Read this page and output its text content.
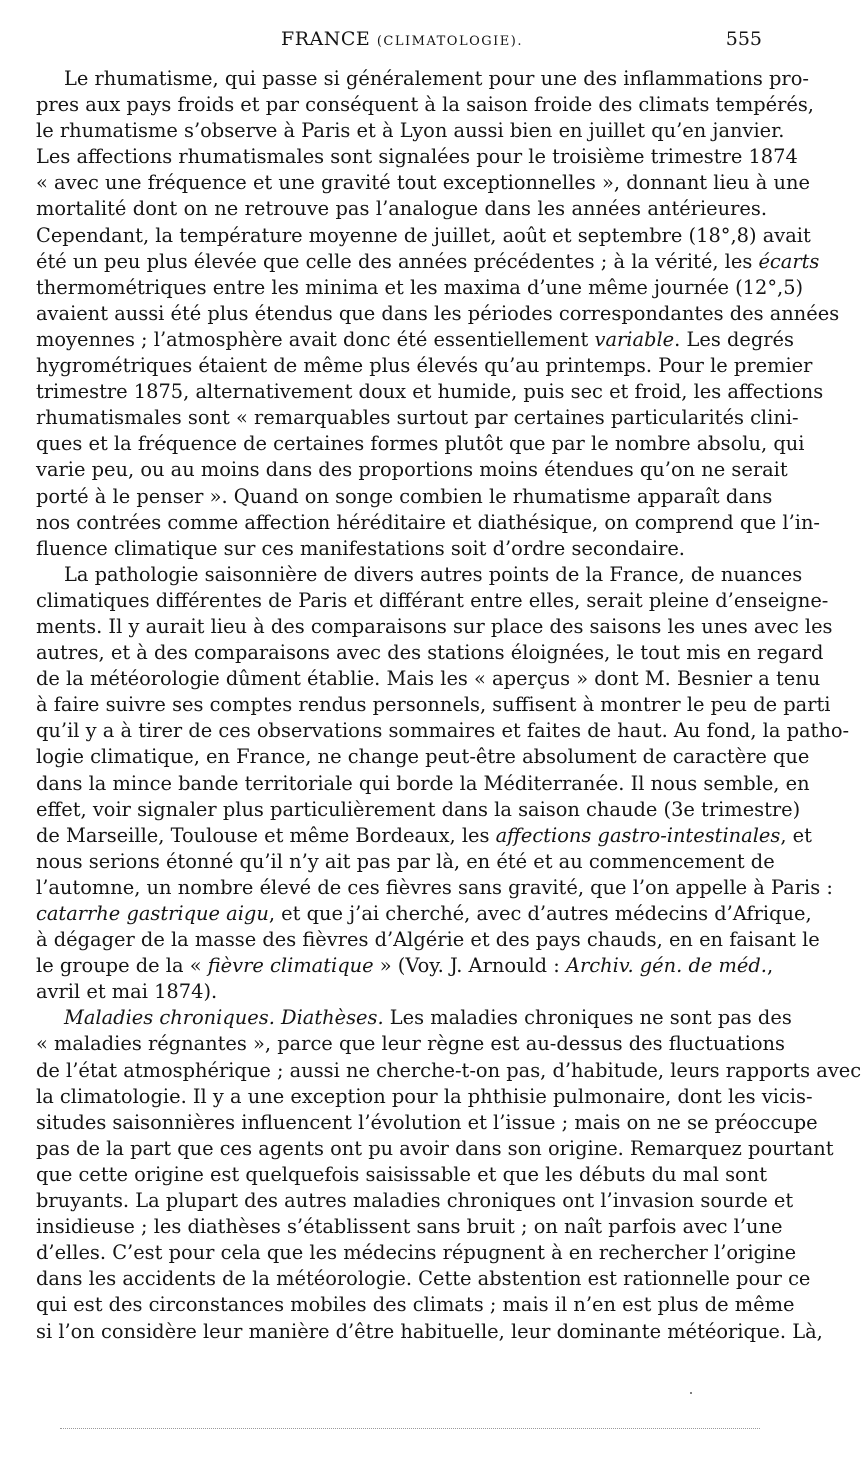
FRANCE (CLIMATOLOGIE).	555
Le rhumatisme, qui passe si généralement pour une des inflammations pro-
pres aux pays froids et par conséquent à la saison froide des climats tempérés,
le rhumatisme s’observe à Paris et à Lyon aussi bien en juillet qu’en janvier.
Les affections rhumatismales sont signalées pour le troisième trimestre 1874
« avec une fréquence et une gravité tout exceptionnelles », donnant lieu à une
mortalité dont on ne retrouve pas l’analogue dans les années antérieures.
Cependant, la température moyenne de juillet, août et septembre (18°,8) avait
été un peu plus élevée que celle des années précédentes ; à la vérité, les écarts
thermométriques entre les minima et les maxima d’une même journée (12°,5)
avaient aussi été plus étendus que dans les périodes correspondantes des années
moyennes ; l’atmosphère avait donc été essentiellement variable. Les degrés
hygrométriques étaient de même plus élevés qu’au printemps. Pour le premier
trimestre 1875, alternativement doux et humide, puis sec et froid, les affections
rhumatismales sont « remarquables surtout par certaines particularités clini-
ques et la fréquence de certaines formes plutôt que par le nombre absolu, qui
varie peu, ou au moins dans des proportions moins étendues qu’on ne serait
porté à le penser ». Quand on songe combien le rhumatisme apparaît dans
nos contrées comme affection héréditaire et diathésique, on comprend que l’in-
fluence climatique sur ces manifestations soit d’ordre secondaire.
La pathologie saisonnière de divers autres points de la France, de nuances
climatiques différentes de Paris et différant entre elles, serait pleine d’enseigne-
ments. Il y aurait lieu à des comparaisons sur place des saisons les unes avec les
autres, et à des comparaisons avec des stations éloignées, le tout mis en regard
de la météorologie dûment établie. Mais les « aperçus » dont M. Besnier a tenu
à faire suivre ses comptes rendus personnels, suffisent à montrer le peu de parti
qu’il y a à tirer de ces observations sommaires et faites de haut. Au fond, la patho-
logie climatique, en France, ne change peut-être absolument de caractère que
dans la mince bande territoriale qui borde la Méditerranée. Il nous semble, en
effet, voir signaler plus particulièrement dans la saison chaude (3e trimestre)
de Marseille, Toulouse et même Bordeaux, les affections gastro-intestinales, et
nous serions étonné qu’il n’y ait pas par là, en été et au commencement de
l’automne, un nombre élevé de ces fièvres sans gravité, que l’on appelle à Paris :
catarrhe gastrique aigu, et que j’ai cherché, avec d’autres médecins d’Afrique,
à dégager de la masse des fièvres d’Algérie et des pays chauds, en en faisant le
le groupe de la « fièvre climatique » (Voy. J. Arnould : Archiv. gén. de méd.,
avril et mai 1874).
Maladies chroniques. Diathèses. Les maladies chroniques ne sont pas des
« maladies régnantes », parce que leur règne est au-dessus des fluctuations
de l’état atmosphérique ; aussi ne cherche-t-on pas, d’habitude, leurs rapports avec
la climatologie. Il y a une exception pour la phthisie pulmonaire, dont les vicis-
situdes saisonnières influencent l’évolution et l’issue ; mais on ne se préoccupe
pas de la part que ces agents ont pu avoir dans son origine. Remarquez pourtant
que cette origine est quelquefois saisissable et que les débuts du mal sont
bruyants. La plupart des autres maladies chroniques ont l’invasion sourde et
insidieuse ; les diathèses s’établissent sans bruit ; on naît parfois avec l’une
d’elles. C’est pour cela que les médecins répugnent à en rechercher l’origine
dans les accidents de la météorologie. Cette abstention est rationnelle pour ce
qui est des circonstances mobiles des climats ; mais il n’en est plus de même
si l’on considère leur manière d’être habituelle, leur dominante météorique. Là,
